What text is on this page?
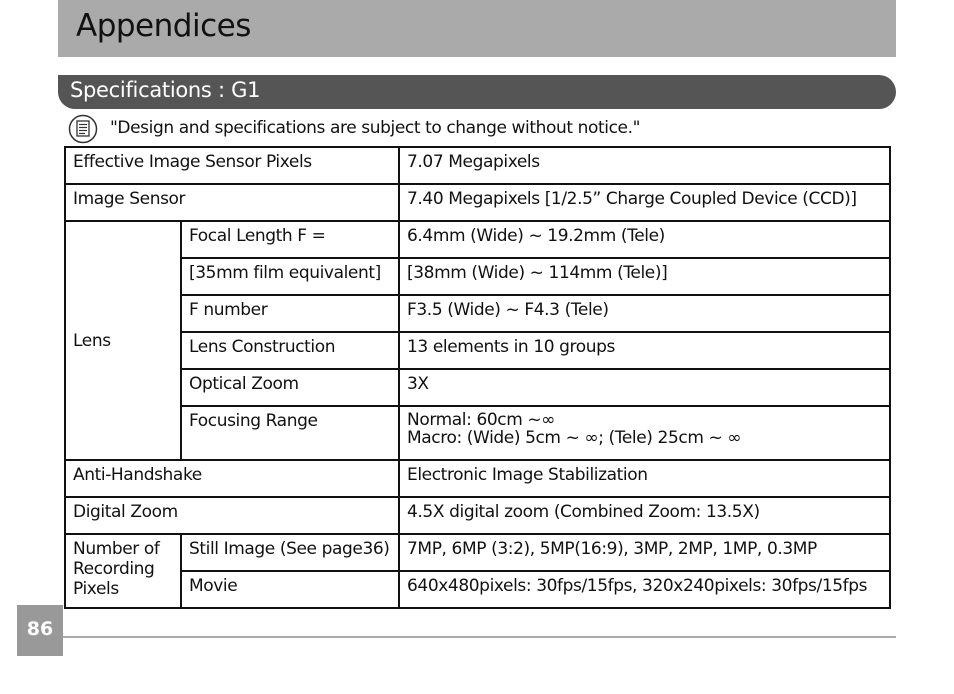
Appendices
Specifications : G1
"Design and specifications are subject to change without notice."
Effective Image Sensor Pixels		7.07 Megapixels
Image Sensor		7.40 Megapixels [1/2.5” Charge Coupled Device (CCD)]
Lens	Focal Length F =	6.4mm (Wide) ~ 19.2mm (Tele)
	[35mm film equivalent]	[38mm (Wide) ~ 114mm (Tele)]
	F number	F3.5 (Wide) ~ F4.3 (Tele)
	Lens Construction	13 elements in 10 groups
	Optical Zoom	3X
	Focusing Range	Normal: 60cm ~∞
Macro: (Wide) 5cm ~ ∞; (Tele) 25cm ~ ∞

Anti-Handshake		Electronic Image Stabilization
Digital Zoom		4.5X digital zoom (Combined Zoom: 13.5X)
Number of Recording Pixels	Still Image (See page36)	7MP, 6MP (3:2), 5MP(16:9), 3MP, 2MP, 1MP, 0.3MP
	Movie	640x480pixels: 30fps/15fps, 320x240pixels: 30fps/15fps
86
